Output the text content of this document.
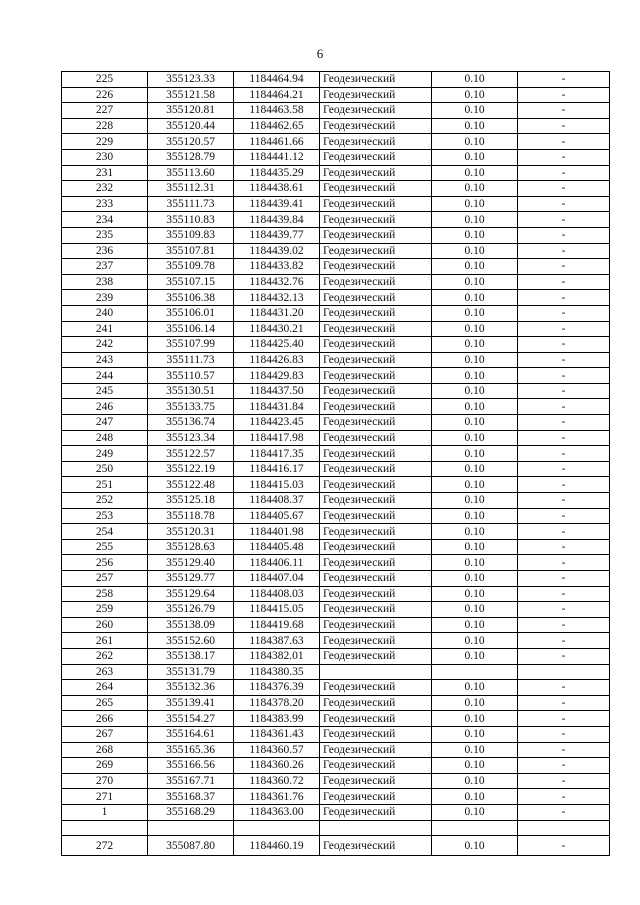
6
225	355123.33	1184464.94	Геодезический	0.10	-
226	355121.58	1184464.21	Геодезический	0.10	-
227	355120.81	1184463.58	Геодезический	0.10	-
228	355120.44	1184462.65	Геодезический	0.10	-
229	355120.57	1184461.66	Геодезический	0.10	-
230	355128.79	1184441.12	Геодезический	0.10	-
231	355113.60	1184435.29	Геодезический	0.10	-
232	355112.31	1184438.61	Геодезический	0.10	-
233	355111.73	1184439.41	Геодезический	0.10	-
234	355110.83	1184439.84	Геодезический	0.10	-
235	355109.83	1184439.77	Геодезический	0.10	-
236	355107.81	1184439.02	Геодезический	0.10	-
237	355109.78	1184433.82	Геодезический	0.10	-
238	355107.15	1184432.76	Геодезический	0.10	-
239	355106.38	1184432.13	Геодезический	0.10	-
240	355106.01	1184431.20	Геодезический	0.10	-
241	355106.14	1184430.21	Геодезический	0.10	-
242	355107.99	1184425.40	Геодезический	0.10	-
243	355111.73	1184426.83	Геодезический	0.10	-
244	355110.57	1184429.83	Геодезический	0.10	-
245	355130.51	1184437.50	Геодезический	0.10	-
246	355133.75	1184431.84	Геодезический	0.10	-
247	355136.74	1184423.45	Геодезический	0.10	-
248	355123.34	1184417.98	Геодезический	0.10	-
249	355122.57	1184417.35	Геодезический	0.10	-
250	355122.19	1184416.17	Геодезический	0.10	-
251	355122.48	1184415.03	Геодезический	0.10	-
252	355125.18	1184408.37	Геодезический	0.10	-
253	355118.78	1184405.67	Геодезический	0.10	-
254	355120.31	1184401.98	Геодезический	0.10	-
255	355128.63	1184405.48	Геодезический	0.10	-
256	355129.40	1184406.11	Геодезический	0.10	-
257	355129.77	1184407.04	Геодезический	0.10	-
258	355129.64	1184408.03	Геодезический	0.10	-
259	355126.79	1184415.05	Геодезический	0.10	-
260	355138.09	1184419.68	Геодезический	0.10	-
261	355152.60	1184387.63	Геодезический	0.10	-
262	355138.17	1184382.01	Геодезический	0.10	-
263	355131.79	1184380.35			
264	355132.36	1184376.39	Геодезический	0.10	-
265	355139.41	1184378.20	Геодезический	0.10	-
266	355154.27	1184383.99	Геодезический	0.10	-
267	355164.61	1184361.43	Геодезический	0.10	-
268	355165.36	1184360.57	Геодезический	0.10	-
269	355166.56	1184360.26	Геодезический	0.10	-
270	355167.71	1184360.72	Геодезический	0.10	-
271	355168.37	1184361.76	Геодезический	0.10	-
1	355168.29	1184363.00	Геодезический	0.10	-

272	355087.80	1184460.19	Геодезический	0.10	-
